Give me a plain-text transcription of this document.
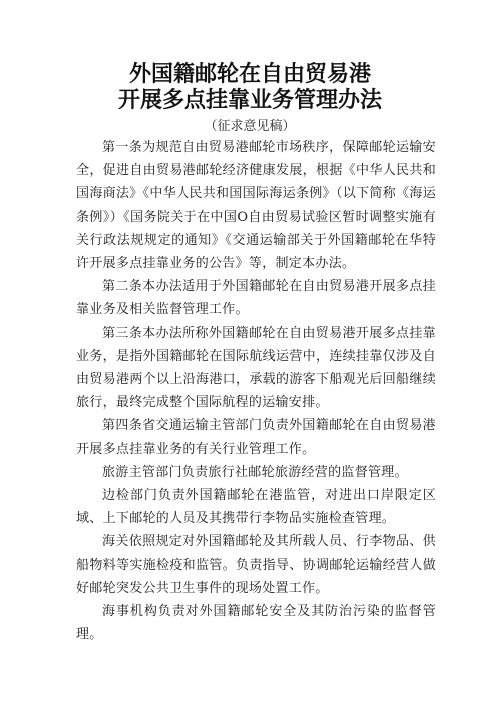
外国籍邮轮在自由贸易港
开展多点挂靠业务管理办法
（征求意见稿）

第一条为规范自由贸易港邮轮市场秩序，保障邮轮运输安全，促进自由贸易港邮轮经济健康发展，根据《中华人民共和国海商法》《中华人民共和国国际海运条例》（以下简称《海运条例》）《国务院关于在中国O自由贸易试验区暂时调整实施有关行政法规规定的通知》《交通运输部关于外国籍邮轮在华特许开展多点挂靠业务的公告》等，制定本办法。

第二条本办法适用于外国籍邮轮在自由贸易港开展多点挂靠业务及相关监督管理工作。

第三条本办法所称外国籍邮轮在自由贸易港开展多点挂靠业务，是指外国籍邮轮在国际航线运营中，连续挂靠仅涉及自由贸易港两个以上沿海港口，承载的游客下船观光后回船继续旅行，最终完成整个国际航程的运输安排。

第四条省交通运输主管部门负责外国籍邮轮在自由贸易港开展多点挂靠业务的有关行业管理工作。

旅游主管部门负责旅行社邮轮旅游经营的监督管理。

边检部门负责外国籍邮轮在港监管，对进出口岸限定区域、上下邮轮的人员及其携带行李物品实施检查管理。

海关依照规定对外国籍邮轮及其所载人员、行李物品、供船物料等实施检疫和监管。负责指导、协调邮轮运输经营人做好邮轮突发公共卫生事件的现场处置工作。

海事机构负责对外国籍邮轮安全及其防治污染的监督管理。
